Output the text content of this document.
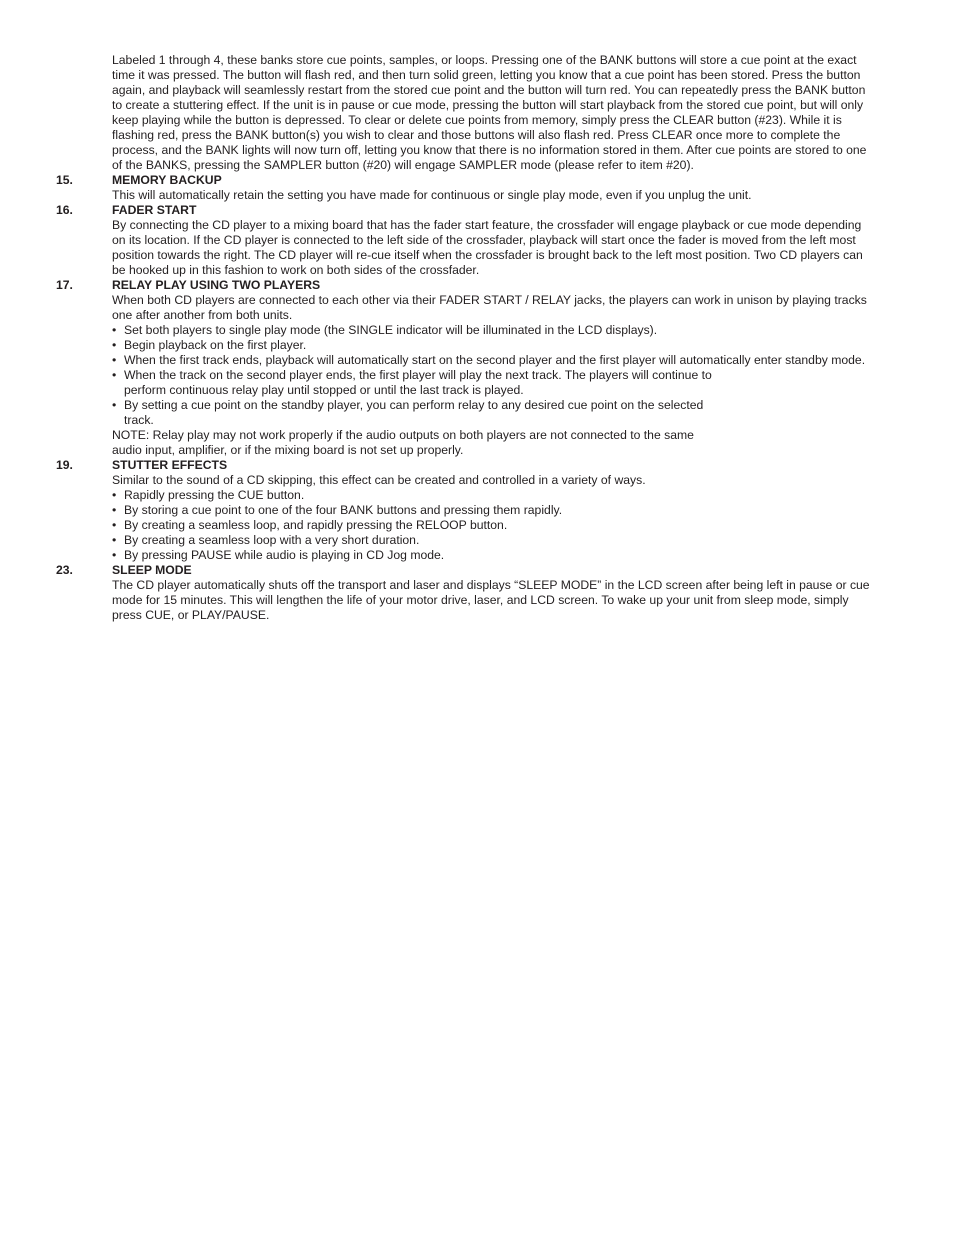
Labeled 1 through 4, these banks store cue points, samples, or loops. Pressing one of the BANK buttons will store a cue point at the exact
time it was pressed. The button will flash red, and then turn solid green, letting you know that a cue point has been stored. Press the button
again, and playback will seamlessly restart from the stored cue point and the button will turn red. You can repeatedly press the BANK button
to create a stuttering effect. If the unit is in pause or cue mode, pressing the button will start playback from the stored cue point, but will only
keep playing while the button is depressed. To clear or delete cue points from memory, simply press the CLEAR button (#23). While it is
flashing red, press the BANK button(s) you wish to clear and those buttons will also flash red. Press CLEAR once more to complete the
process, and the BANK lights will now turn off, letting you know that there is no information stored in them. After cue points are stored to one
of the BANKS, pressing the SAMPLER button (#20) will engage SAMPLER mode (please refer to item #20).
15.	MEMORY BACKUP
This will automatically retain the setting you have made for continuous or single play mode, even if you unplug the unit.
16.	FADER START
By connecting the CD player to a mixing board that has the fader start feature, the crossfader will engage playback or cue mode depending
on its location. If the CD player is connected to the left side of the crossfader, playback will start once the fader is moved from the left most
position towards the right. The CD player will re-cue itself when the crossfader is brought back to the left most position. Two CD players can
be hooked up in this fashion to work on both sides of the crossfader.
17.	RELAY PLAY USING TWO PLAYERS
When both CD players are connected to each other via their FADER START / RELAY jacks, the players can work in unison by playing tracks
one after another from both units.
• Set both players to single play mode (the SINGLE indicator will be illuminated in the LCD displays).
• Begin playback on the first player.
• When the first track ends, playback will automatically start on the second player and the first player will automatically enter standby mode.
• When the track on the second player ends, the first player will play the next track. The players will continue to
perform continuous relay play until stopped or until the last track is played.
• By setting a cue point on the standby player, you can perform relay to any desired cue point on the selected
track.
NOTE: Relay play may not work properly if the audio outputs on both players are not connected to the same
audio input, amplifier, or if the mixing board is not set up properly.
19.	STUTTER EFFECTS
Similar to the sound of a CD skipping, this effect can be created and controlled in a variety of ways.
• Rapidly pressing the CUE button.
• By storing a cue point to one of the four BANK buttons and pressing them rapidly.
• By creating a seamless loop, and rapidly pressing the RELOOP button.
• By creating a seamless loop with a very short duration.
• By pressing PAUSE while audio is playing in CD Jog mode.
23.	SLEEP MODE
The CD player automatically shuts off the transport and laser and displays “SLEEP MODE” in the LCD screen after being left in pause or cue
mode for 15 minutes. This will lengthen the life of your motor drive, laser, and LCD screen. To wake up your unit from sleep mode, simply
press CUE, or PLAY/PAUSE.
